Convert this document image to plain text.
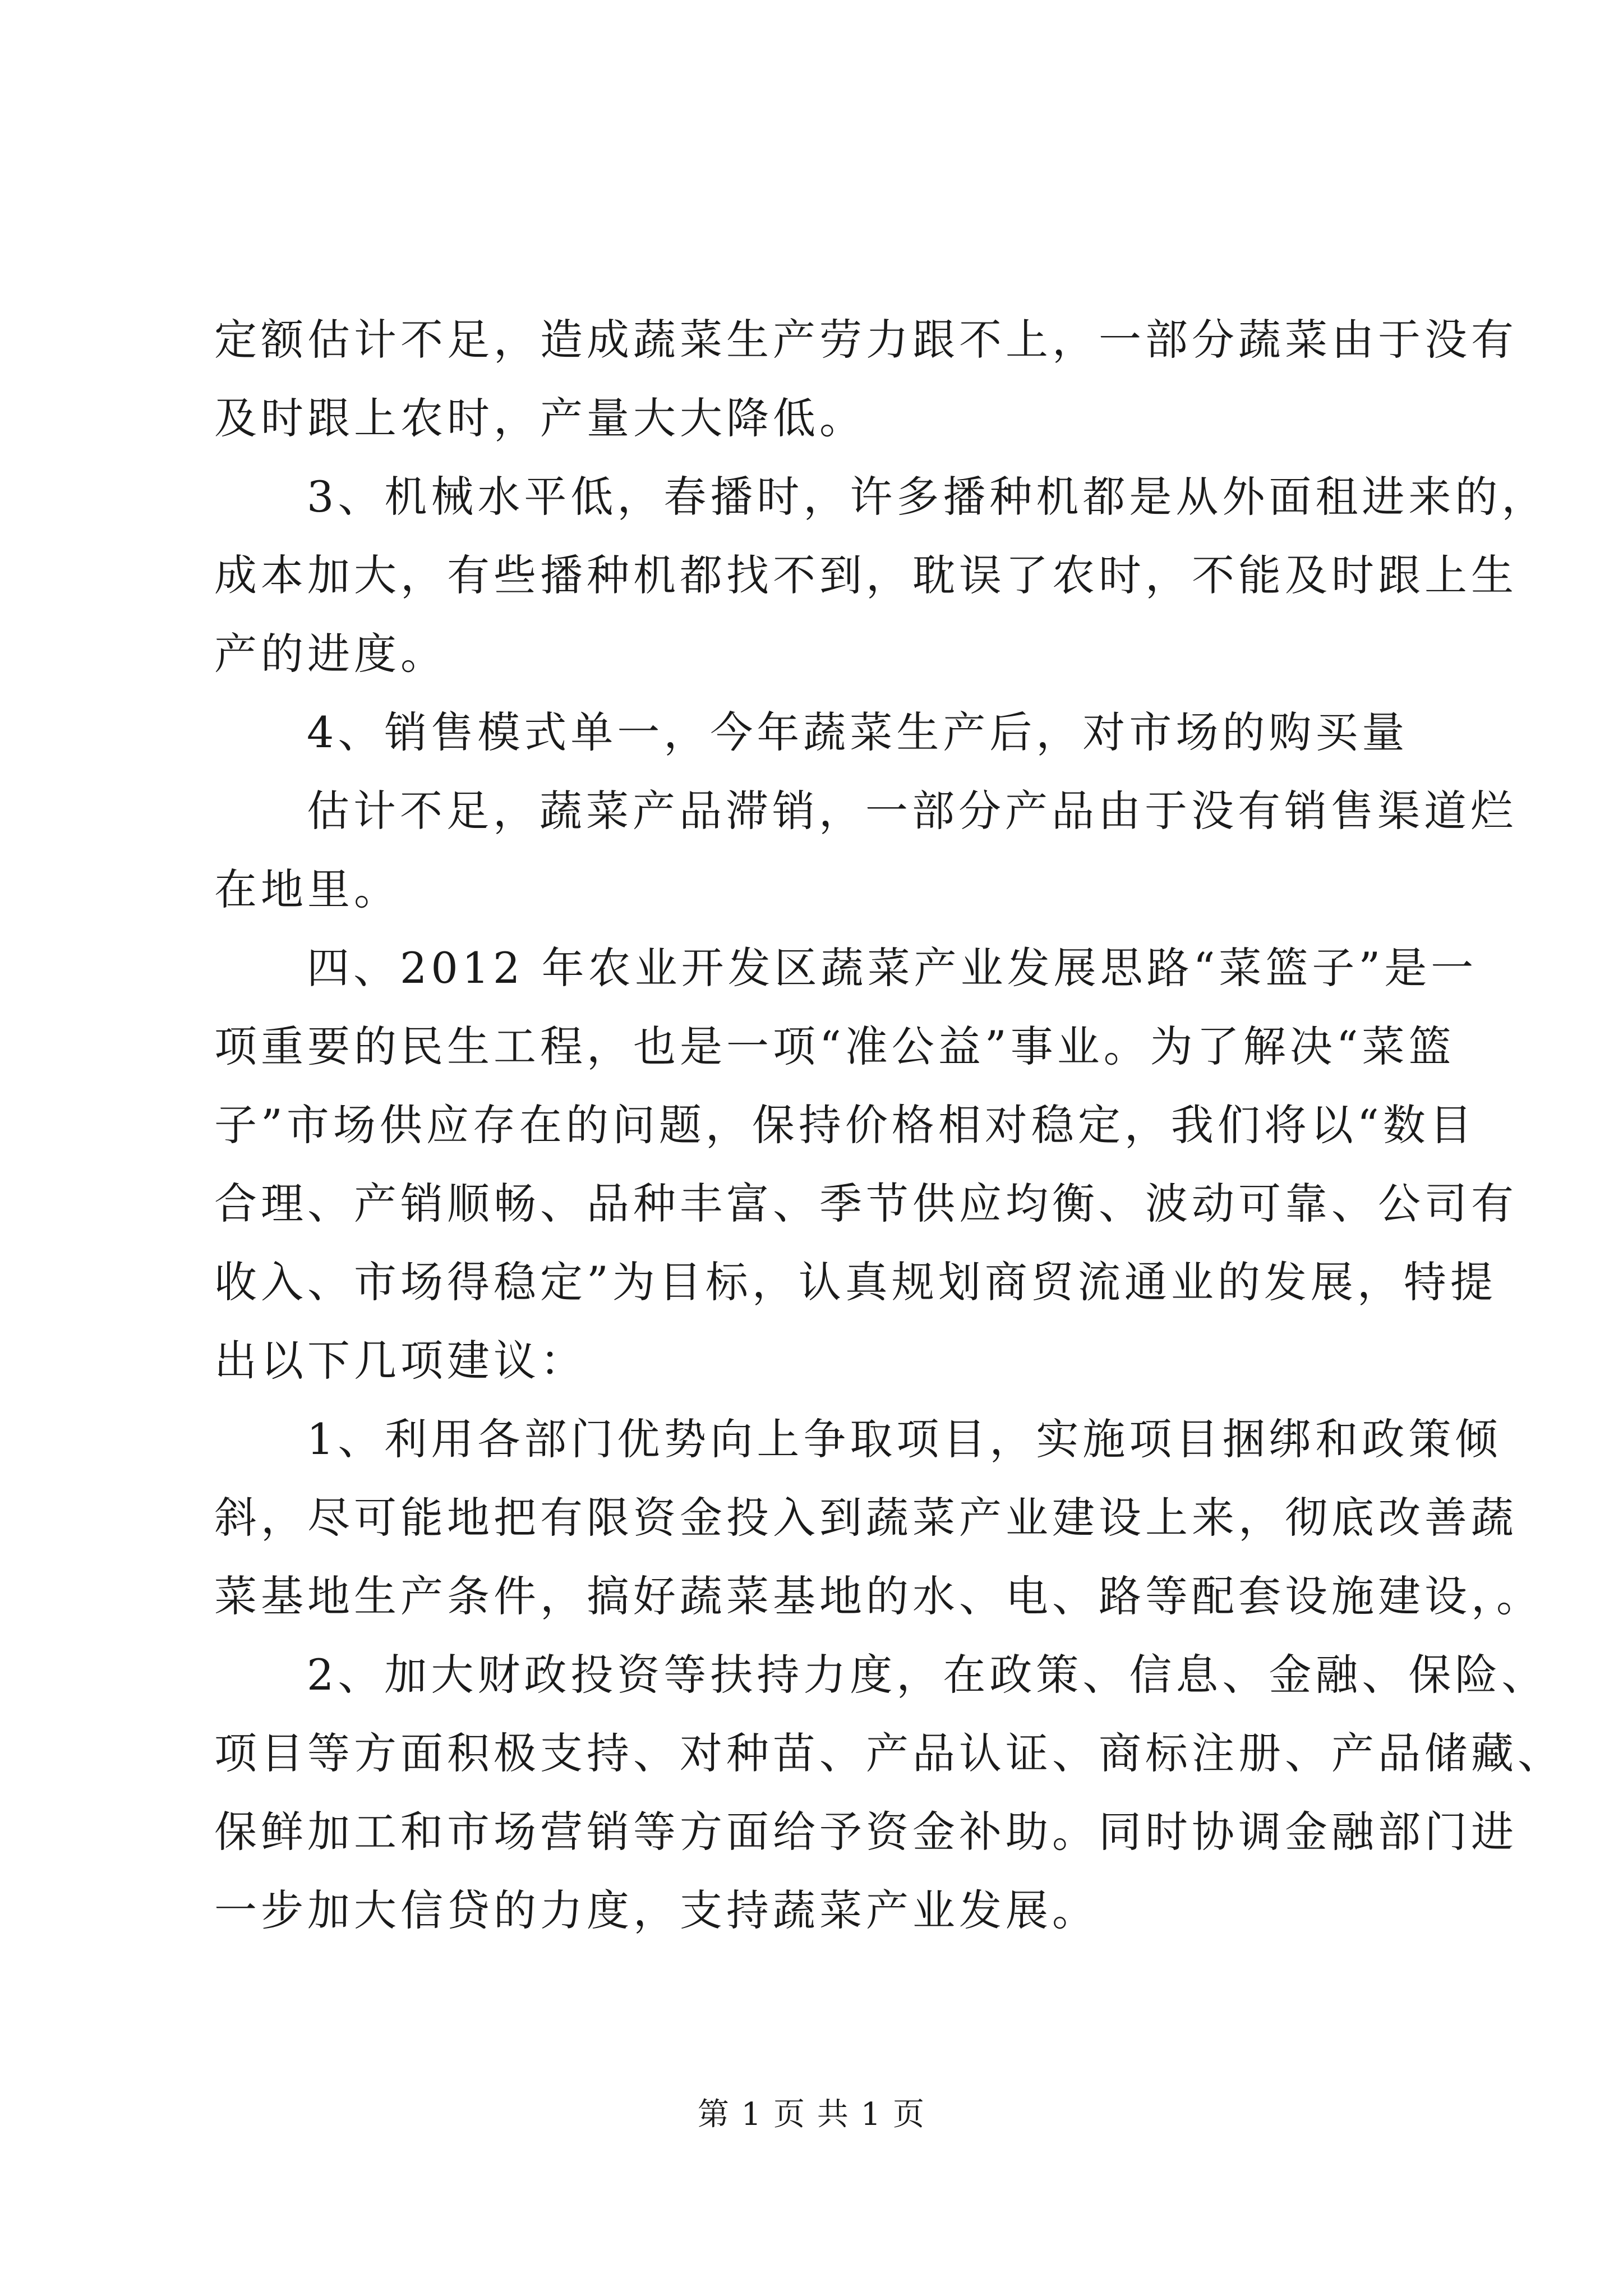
定额估计不足，造成蔬菜生产劳力跟不上，一部分蔬菜由于没有
及时跟上农时，产量大大降低。
3、机械水平低，春播时，许多播种机都是从外面租进来的，
成本加大，有些播种机都找不到，耽误了农时，不能及时跟上生
产的进度。
4、销售模式单一，今年蔬菜生产后，对市场的购买量
估计不足，蔬菜产品滞销，一部分产品由于没有销售渠道烂
在地里。
四、2012 年农业开发区蔬菜产业发展思路“菜篮子”是一
项重要的民生工程，也是一项“准公益”事业。为了解决“菜篮
子”市场供应存在的问题，保持价格相对稳定，我们将以“数目
合理、产销顺畅、品种丰富、季节供应均衡、波动可靠、公司有
收入、市场得稳定”为目标，认真规划商贸流通业的发展，特提
出以下几项建议：
1、利用各部门优势向上争取项目，实施项目捆绑和政策倾
斜，尽可能地把有限资金投入到蔬菜产业建设上来，彻底改善蔬
菜基地生产条件，搞好蔬菜基地的水、电、路等配套设施建设，。
2、加大财政投资等扶持力度，在政策、信息、金融、保险、
项目等方面积极支持、对种苗、产品认证、商标注册、产品储藏、
保鲜加工和市场营销等方面给予资金补助。同时协调金融部门进
一步加大信贷的力度，支持蔬菜产业发展。
第 1 页 共 1 页
